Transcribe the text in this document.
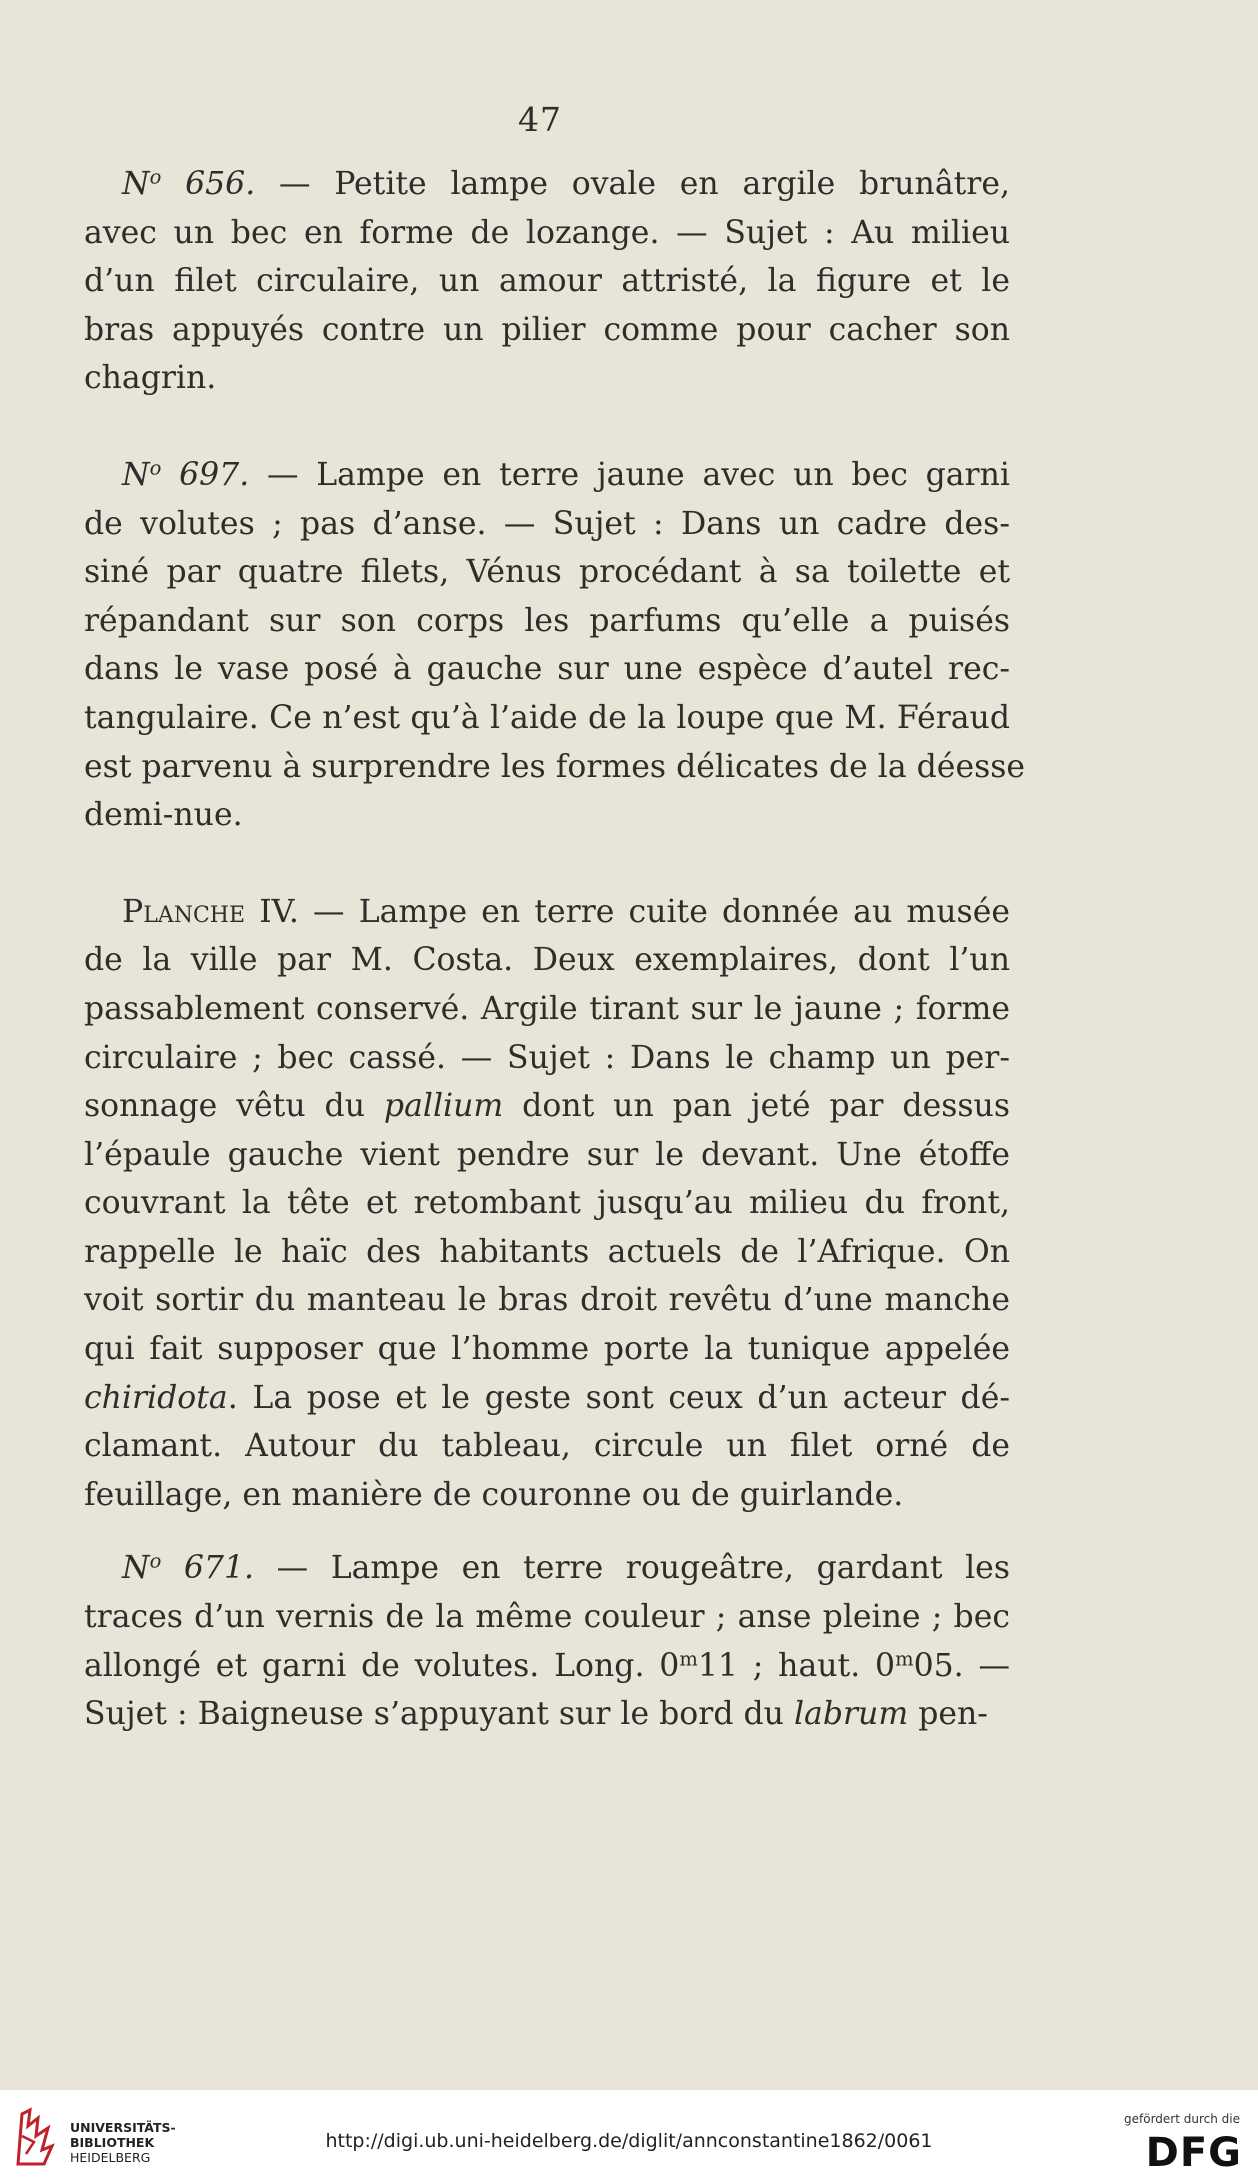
47
$N^o$ 656. — Petite lampe ovale en argile brunâtre,
avec un bec en forme de lozange. — Sujet : Au milieu
d’un filet circulaire, un amour attristé, la figure et le
bras appuyés contre un pilier comme pour cacher son
chagrin.
$N^o$ 697. — Lampe en terre jaune avec un bec garni
de volutes ; pas d’anse. — Sujet : Dans un cadre des-
siné par quatre filets, Vénus procédant à sa toilette et
répandant sur son corps les parfums qu’elle a puisés
dans le vase posé à gauche sur une espèce d’autel rec-
tangulaire. Ce n’est qu’à l’aide de la loupe que M. Féraud
est parvenu à surprendre les formes délicates de la déesse
demi-nue.
Planche IV. — Lampe en terre cuite donnée au musée
de la ville par M. Costa. Deux exemplaires, dont l’un
passablement conservé. Argile tirant sur le jaune ; forme
circulaire ; bec cassé. — Sujet : Dans le champ un per-
sonnage vêtu du pallium dont un pan jeté par dessus
l’épaule gauche vient pendre sur le devant. Une étoffe
couvrant la tête et retombant jusqu’au milieu du front,
rappelle le haïc des habitants actuels de l’Afrique. On
voit sortir du manteau le bras droit revêtu d’une manche
qui fait supposer que l’homme porte la tunique appelée
chiridota. La pose et le geste sont ceux d’un acteur dé-
clamant. Autour du tableau, circule un filet orné de
feuillage, en manière de couronne ou de guirlande.
$N^o$ 671. — Lampe en terre rougeâtre, gardant les
traces d’un vernis de la même couleur ; anse pleine ; bec
allongé et garni de volutes. Long. 0$^m$11 ; haut. 0$^m$05. —
Sujet : Baigneuse s’appuyant sur le bord du labrum pen-
UNIVERSITÄTS-
BIBLIOTHEK
HEIDELBERG
http://digi.ub.uni-heidelberg.de/diglit/annconstantine1862/0061
gefördert durch die
DFG
